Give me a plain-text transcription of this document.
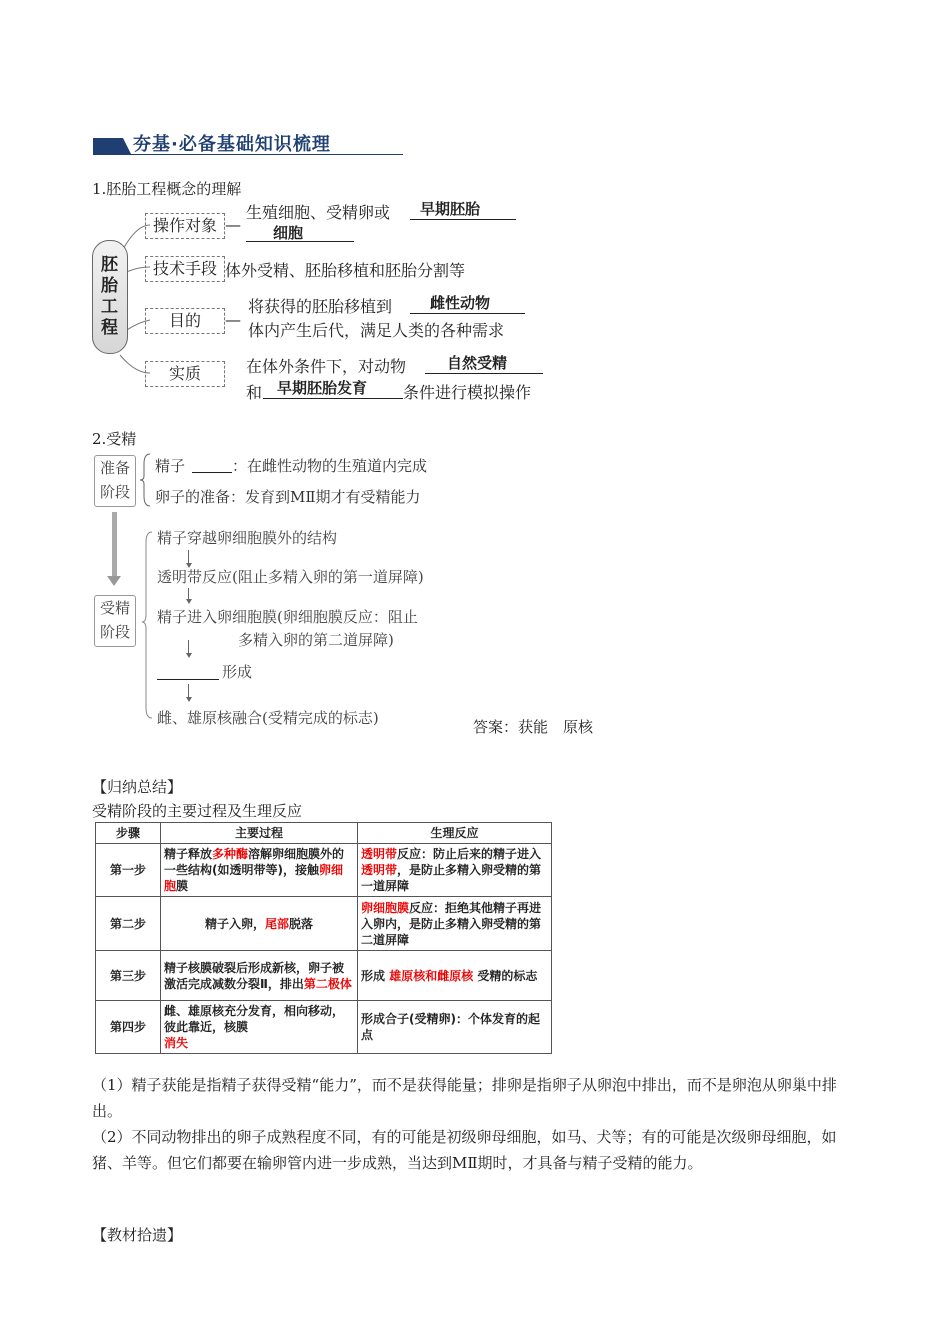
夯基·必备基础知识梳理
1.胚胎工程概念的理解
胚胎工程
操作对象 —
生殖细胞、受精卵或 早期胚胎
细胞
技术手段 体外受精、胚胎移植和胚胎分割等
目的	—
将获得的胚胎移植到	雌性动物
体内产生后代，满足人类的各种需求
实质	在体外条件下，对动物	自然受精
和 早期胚胎发育 条件进行模拟操作
2.受精
准备阶段
精子	：在雌性动物的生殖道内完成
卵子的准备：发育到MⅡ期才有受精能力
受精阶段
精子穿越卵细胞膜外的结构
透明带反应(阻止多精入卵的第一道屏障)
精子进入卵细胞膜(卵细胞膜反应：阻止
多精入卵的第二道屏障)
形成
雌、雄原核融合(受精完成的标志)	答案：获能　原核
【归纳总结】
受精阶段的主要过程及生理反应
步骤	主要过程	生理反应
第一步	精子释放多种酶溶解卵细胞膜外的一些结构(如透明带等)，接触卵细胞膜	透明带反应：防止后来的精子进入透明带，是防止多精入卵受精的第一道屏障
第二步	精子入卵，尾部脱落	卵细胞膜反应：拒绝其他精子再进入卵内，是防止多精入卵受精的第二道屏障
第三步	精子核膜破裂后形成新核，卵子被激活完成减数分裂Ⅱ，排出第二极体	形成 雄原核和雌原核 受精的标志
第四步	雌、雄原核充分发育，相向移动，彼此靠近，核膜
消失	形成合子(受精卵)：个体发育的起点
（1）精子获能是指精子获得受精“能力”，而不是获得能量；排卵是指卵子从卵泡中排出，而不是卵泡从卵巢中排出。
（2）不同动物排出的卵子成熟程度不同，有的可能是初级卵母细胞，如马、犬等；有的可能是次级卵母细胞，如猪、羊等。但它们都要在输卵管内进一步成熟，当达到MⅡ期时，才具备与精子受精的能力。
【教材拾遗】
